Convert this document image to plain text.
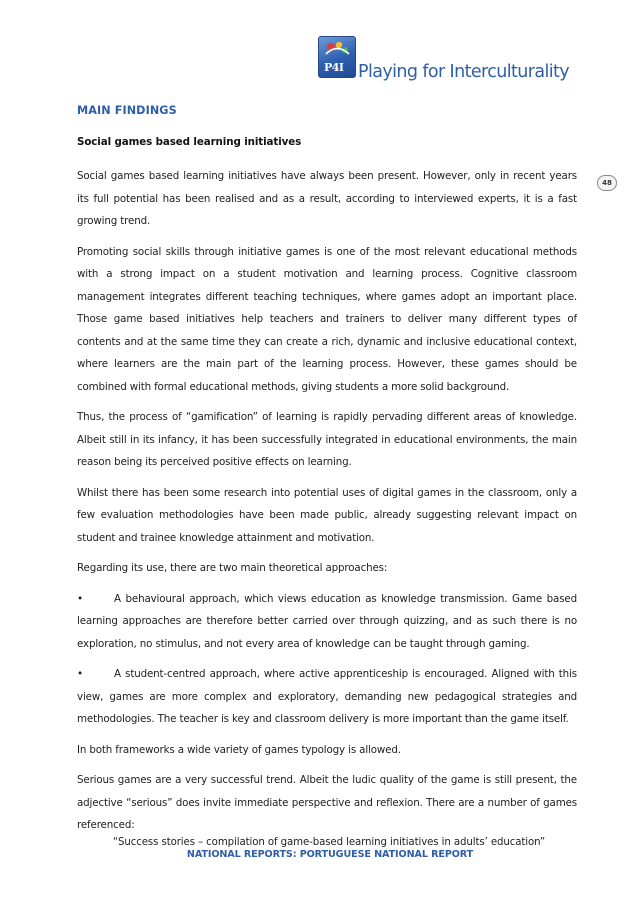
P4I Playing for Interculturality
48
MAIN FINDINGS
Social games based learning initiatives

Social games based learning initiatives have always been present. However, only in recent years its full potential has been realised and as a result, according to interviewed experts, it is a fast growing trend.

Promoting social skills through initiative games is one of the most relevant educational methods with a strong impact on a student motivation and learning process. Cognitive classroom management integrates different teaching techniques, where games adopt an important place. Those game based initiatives help teachers and trainers to deliver many different types of contents and at the same time they can create a rich, dynamic and inclusive educational context, where learners are the main part of the learning process. However, these games should be combined with formal educational methods, giving students a more solid background.

Thus, the process of “gamification” of learning is rapidly pervading different areas of knowledge. Albeit still in its infancy, it has been successfully integrated in educational environments, the main reason being its perceived positive effects on learning.

Whilst there has been some research into potential uses of digital games in the classroom, only a few evaluation methodologies have been made public, already suggesting relevant impact on student and trainee knowledge attainment and motivation.

Regarding its use, there are two main theoretical approaches:

•	A behavioural approach, which views education as knowledge transmission. Game based learning approaches are therefore better carried over through quizzing, and as such there is no exploration, no stimulus, and not every area of knowledge can be taught through gaming.

•	A student-centred approach, where active apprenticeship is encouraged. Aligned with this view, games are more complex and exploratory, demanding new pedagogical strategies and methodologies. The teacher is key and classroom delivery is more important than the game itself.

In both frameworks a wide variety of games typology is allowed.

Serious games are a very successful trend. Albeit the ludic quality of the game is still present, the adjective “serious” does invite immediate perspective and reflexion. There are a number of games referenced:

“Success stories – compilation of game-based learning initiatives in adults’ education”
NATIONAL REPORTS: PORTUGUESE NATIONAL REPORT
